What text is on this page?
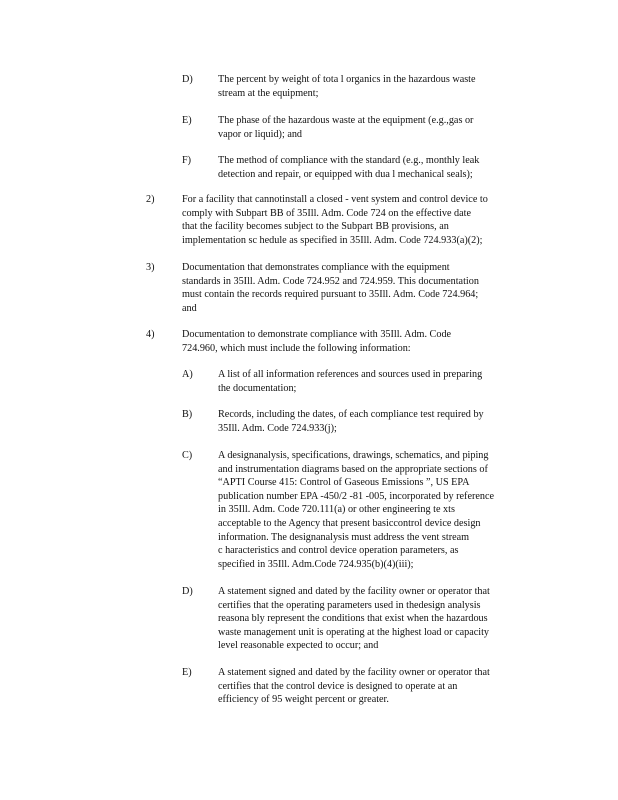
D) The percent by weight of tota l organics in the hazardous waste
stream at the equipment;
E)	The phase of the hazardous waste at the equipment (e.g.,gas or
vapor or liquid); and
F)	The method of compliance with the standard (e.g., monthly leak
detection and repair, or equipped with dua l mechanical seals);
2)	For a facility that cannotinstall a closed - vent system and control device to
comply with Subpart BB of 35Ill. Adm. Code 724 on the effective date
that the facility becomes subject to the Subpart BB provisions, an
implementation sc hedule as specified in 35Ill. Adm. Code 724.933(a)(2);
3)	Documentation that demonstrates compliance with the equipment
standards in 35Ill. Adm. Code 724.952 and 724.959. This documentation
must contain the records required pursuant to 35Ill. Adm. Code 724.964;
and
4)	Documentation to demonstrate compliance with 35Ill. Adm. Code
724.960, which must include the following information:
A) A list of all information references and sources used in preparing
the documentation;
B)	Records, including the dates, of each compliance test required by
35Ill. Adm. Code 724.933(j);
C)	A designanalysis, specifications, drawings, schematics, and piping
and instrumentation diagrams based on the appropriate sections of
“APTI Course 415: Control of Gaseous Emissions ”, US EPA
publication number EPA -450/2 -81 -005, incorporated by reference
in 35Ill. Adm. Code 720.111(a) or other engineering te xts
acceptable to the Agency that present basiccontrol device design
information. The designanalysis must address the vent stream
c haracteristics and control device operation parameters, as
specified in 35Ill. Adm.Code 724.935(b)(4)(iii);
D) A statement signed and dated by the facility owner or operator that
certifies that the operating parameters used in thedesign analysis
reasona bly represent the conditions that exist when the hazardous
waste management unit is operating at the highest load or capacity
level reasonable expected to occur; and
E)	A statement signed and dated by the facility owner or operator that
certifies that the control device is designed to operate at an
efficiency of 95 weight percent or greater.
